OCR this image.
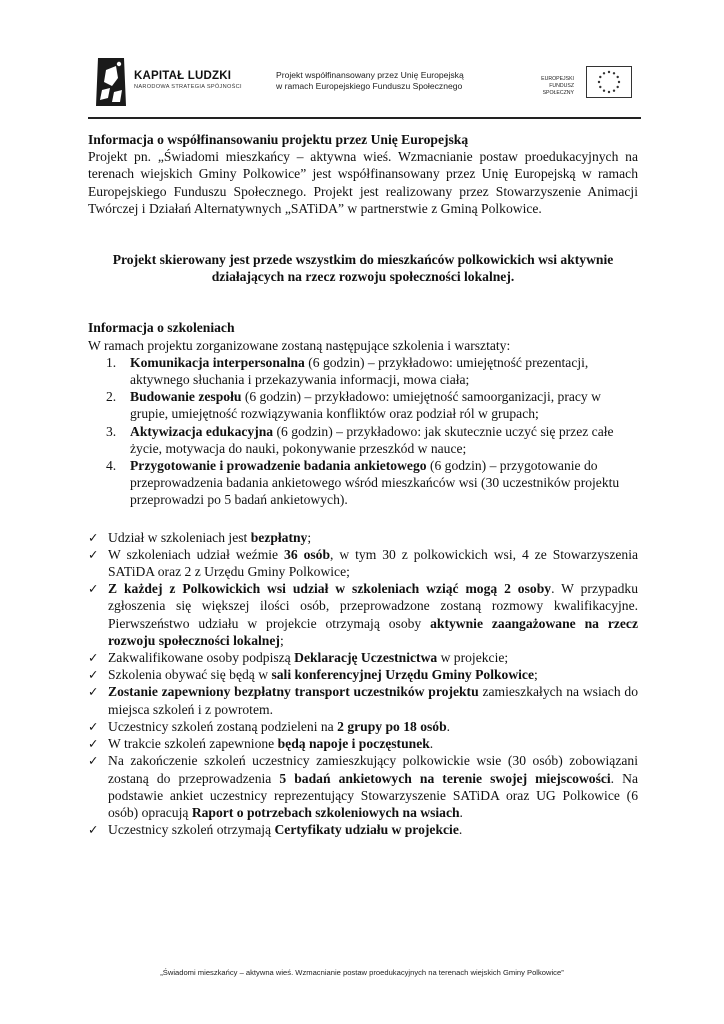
KAPITAŁ LUDZKI
NARODOWA STRATEGIA SPÓJNOŚCI
Projekt współfinansowany przez Unię Europejską
w ramach Europejskiego Funduszu Społecznego
EUROPEJSKI
FUNDUSZ SPOŁECZNY
Informacja o współfinansowaniu projektu przez Unię Europejską

Projekt pn. „Świadomi mieszkańcy – aktywna wieś. Wzmacnianie postaw proedukacyjnych na terenach wiejskich Gminy Polkowice” jest współfinansowany przez Unię Europejską w ramach Europejskiego Funduszu Społecznego. Projekt jest realizowany przez Stowarzyszenie Animacji Twórczej i Działań Alternatywnych „SATiDA” w partnerstwie z Gminą Polkowice.

Projekt skierowany jest przede wszystkim do mieszkańców polkowickich wsi aktywnie
działających na rzecz rozwoju społeczności lokalnej.
Informacja o szkoleniach
W ramach projektu zorganizowane zostaną następujące szkolenia i warsztaty:
1.	Komunikacja interpersonalna (6 godzin) – przykładowo: umiejętność prezentacji, aktywnego słuchania i przekazywania informacji, mowa ciała;
2.	Budowanie zespołu (6 godzin) – przykładowo: umiejętność samoorganizacji, pracy w grupie, umiejętność rozwiązywania konfliktów oraz podział ról w grupach;
3.	Aktywizacja edukacyjna (6 godzin) – przykładowo: jak skutecznie uczyć się przez całe życie, motywacja do nauki, pokonywanie przeszkód w nauce;
4.	Przygotowanie i prowadzenie badania ankietowego (6 godzin) – przygotowanie do przeprowadzenia badania ankietowego wśród mieszkańców wsi (30 uczestników projektu przeprowadzi po 5 badań ankietowych).
✓ Udział w szkoleniach jest bezpłatny;
✓ W szkoleniach udział weźmie 36 osób, w tym 30 z polkowickich wsi, 4 ze Stowarzyszenia SATiDA oraz 2 z Urzędu Gminy Polkowice;
✓ Z każdej z Polkowickich wsi udział w szkoleniach wziąć mogą 2 osoby. W przypadku zgłoszenia się większej ilości osób, przeprowadzone zostaną rozmowy kwalifikacyjne. Pierwszeństwo udziału w projekcie otrzymają osoby aktywnie zaangażowane na rzecz rozwoju społeczności lokalnej;
✓ Zakwalifikowane osoby podpiszą Deklarację Uczestnictwa w projekcie;
✓ Szkolenia obywać się będą w sali konferencyjnej Urzędu Gminy Polkowice;
✓ Zostanie zapewniony bezpłatny transport uczestników projektu zamieszkałych na wsiach do miejsca szkoleń i z powrotem.
✓ Uczestnicy szkoleń zostaną podzieleni na 2 grupy po 18 osób.
✓ W trakcie szkoleń zapewnione będą napoje i poczęstunek.
✓ Na zakończenie szkoleń uczestnicy zamieszkujący polkowickie wsie (30 osób) zobowiązani zostaną do przeprowadzenia 5 badań ankietowych na terenie swojej miejscowości. Na podstawie ankiet uczestnicy reprezentujący Stowarzyszenie SATiDA oraz UG Polkowice (6 osób) opracują Raport o potrzebach szkoleniowych na wsiach.
✓ Uczestnicy szkoleń otrzymają Certyfikaty udziału w projekcie.
„Świadomi mieszkańcy – aktywna wieś. Wzmacnianie postaw proedukacyjnych na terenach wiejskich Gminy Polkowice”
